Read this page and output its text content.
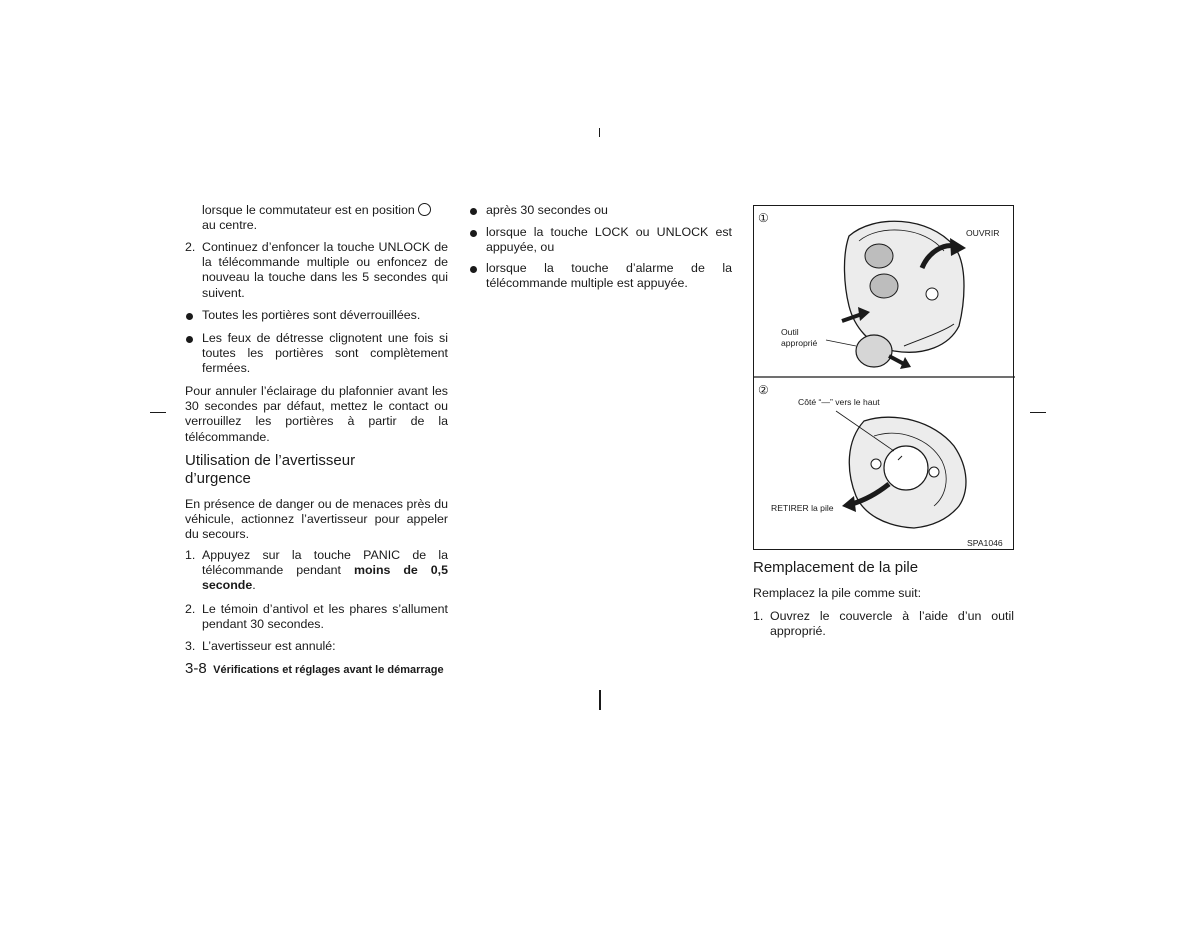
lorsque le commutateur est en position
au centre.
2. Continuez d’enfoncer la touche UNLOCK de la télécommande multiple ou enfoncez de nouveau la touche dans les 5 secondes qui suivent.
Toutes les portières sont déverrouillées.
Les feux de détresse clignotent une fois si toutes les portières sont complètement fermées.
Pour annuler l’éclairage du plafonnier avant les 30 secondes par défaut, mettez le contact ou verrouillez les portières à partir de la télécommande.
Utilisation de l’avertisseur d’urgence
En présence de danger ou de menaces près du véhicule, actionnez l’avertisseur pour appeler du secours.
1. Appuyez sur la touche PANIC de la télécommande pendant moins de 0,5 seconde.
2. Le témoin d’antivol et les phares s’allument pendant 30 secondes.
3. L’avertisseur est annulé:
3-8 Vérifications et réglages avant le démarrage
après 30 secondes ou
lorsque la touche LOCK ou UNLOCK est appuyée, ou
lorsque la touche d’alarme de la télécommande multiple est appuyée.
①
OUVRIR
Outil
approprié
②
Côté “—” vers le haut
RETIRER la pile
SPA1046
Remplacement de la pile
Remplacez la pile comme suit:
1. Ouvrez le couvercle à l’aide d’un outil approprié.
